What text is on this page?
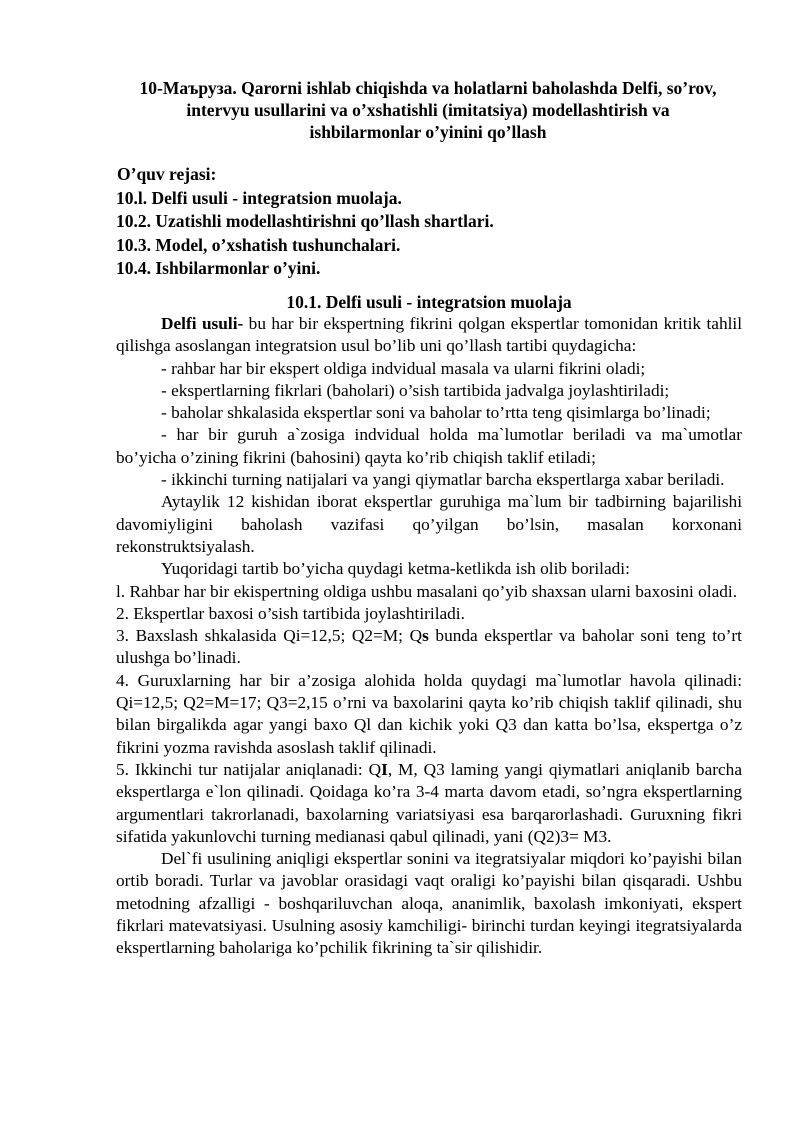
10-Маъруза. Qarorni ishlab chiqishda va holatlarni baholashda Delfi, so’rov,
intervyu usullarini va o’xshatishli (imitatsiya) modellashtirish va
ishbilarmonlar o’yinini qo’llash
O’quv rejasi:
10.l. Delfi usuli - integratsion muolaja.
10.2. Uzatishli modellashtirishni qo’llash shartlari.
10.3. Model, o’xshatish tushunchalari.
10.4. Ishbilarmonlar o’yini.
10.1. Delfi usuli - integratsion muolaja
Delfi usuli- bu har bir ekspertning fikrini qolgan ekspertlar tomonidan kritik tahlil qilishga asoslangan integratsion usul bo’lib uni qo’llash tartibi quydagicha:
- rahbar har bir ekspert oldiga indvidual masala va ularni fikrini oladi;
- ekspertlarning fikrlari (baholari) o’sish tartibida jadvalga joylashtiriladi;
- baholar shkalasida ekspertlar soni va baholar to’rtta teng qisimlarga bo’linadi;
- har bir guruh a`zosiga indvidual holda ma`lumotlar beriladi va ma`umotlar bo’yicha o’zining fikrini (bahosini) qayta ko’rib chiqish taklif etiladi;
- ikkinchi turning natijalari va yangi qiymatlar barcha ekspertlarga xabar beriladi.
Aytaylik 12 kishidan iborat ekspertlar guruhiga ma`lum bir tadbirning bajarilishi davomiyligini baholash vazifasi qo’yilgan bo’lsin, masalan korxonani rekonstruktsiyalash.
Yuqoridagi tartib bo’yicha quydagi ketma-ketlikda ish olib boriladi:
l. Rahbar har bir ekispertning oldiga ushbu masalani qo’yib shaxsan ularni baxosini oladi.
2. Ekspertlar baxosi o’sish tartibida joylashtiriladi.
3. Baxslash shkalasida Qi=12,5; Q2=M; Qs bunda ekspertlar va baholar soni teng to’rt ulushga bo’linadi.
4. Guruxlarning har bir a’zosiga alohida holda quydagi ma`lumotlar havola qilinadi: Qi=12,5; Q2=M=17; Q3=2,15 o’rni va baxolarini qayta ko’rib chiqish taklif qilinadi, shu bilan birgalikda agar yangi baxo Ql dan kichik yoki Q3 dan katta bo’lsa, ekspertga o’z fikrini yozma ravishda asoslash taklif qilinadi.
5. Ikkinchi tur natijalar aniqlanadi: QI, M, Q3 laming yangi qiymatlari aniqlanib barcha ekspertlarga e`lon qilinadi. Qoidaga ko’ra 3-4 marta davom etadi, so’ngra ekspertlarning argumentlari takrorlanadi, baxolarning variatsiyasi esa barqarorlashadi. Guruxning fikri sifatida yakunlovchi turning medianasi qabul qilinadi, yani (Q2)3= M3.
Del`fi usulining aniqligi ekspertlar sonini va itegratsiyalar miqdori ko’payishi bilan ortib boradi. Turlar va javoblar orasidagi vaqt oraligi ko’payishi bilan qisqaradi. Ushbu metodning afzalligi - boshqariluvchan aloqa, ananimlik, baxolash imkoniyati, ekspert fikrlari matevatsiyasi. Usulning asosiy kamchiligi- birinchi turdan keyingi itegratsiyalarda ekspertlarning baholariga ko’pchilik fikrining ta`sir qilishidir.
